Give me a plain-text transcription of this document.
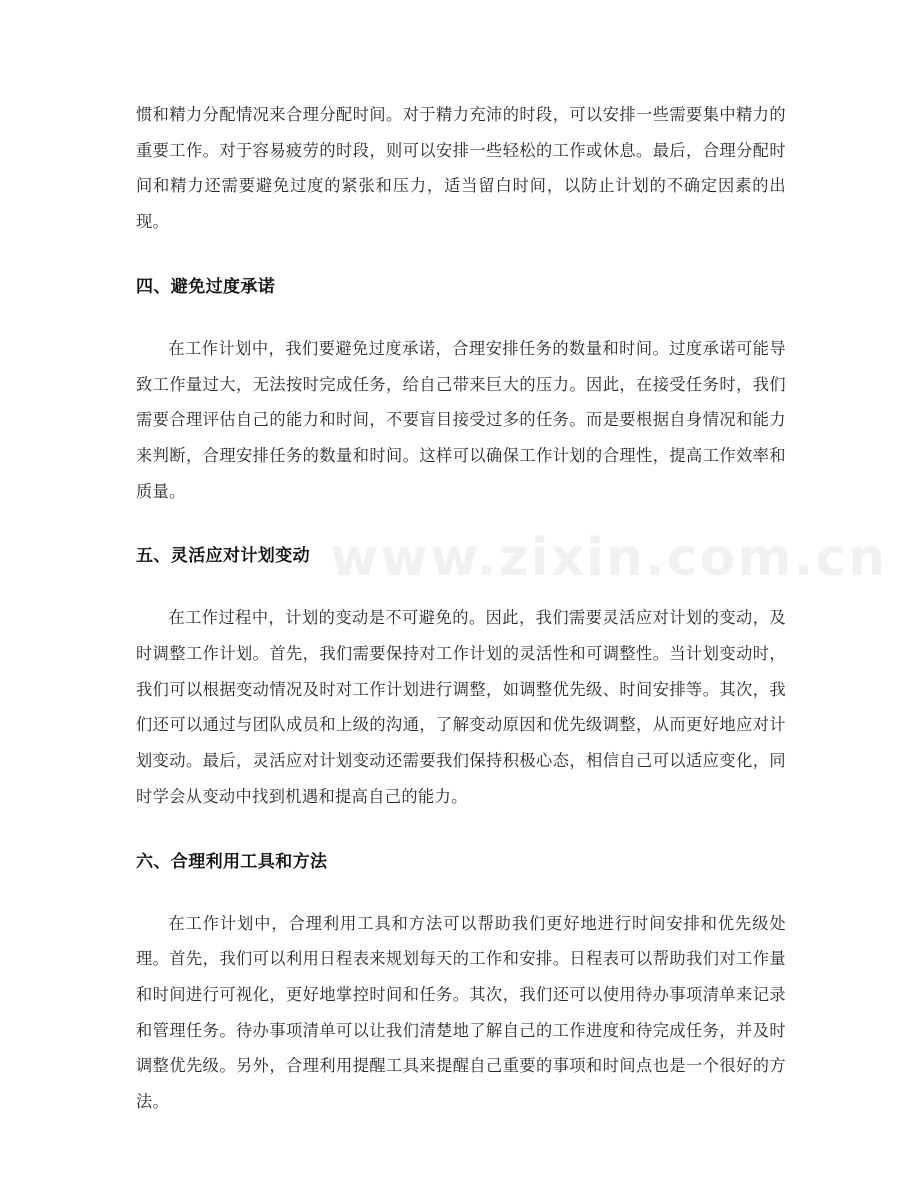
www.zixin.com.cn

惯和精力分配情况来合理分配时间。对于精力充沛的时段，可以安排一些需要集中精力的重要工作。对于容易疲劳的时段，则可以安排一些轻松的工作或休息。最后，合理分配时间和精力还需要避免过度的紧张和压力，适当留白时间，以防止计划的不确定因素的出现。

四、避免过度承诺

在工作计划中，我们要避免过度承诺，合理安排任务的数量和时间。过度承诺可能导致工作量过大，无法按时完成任务，给自己带来巨大的压力。因此，在接受任务时，我们需要合理评估自己的能力和时间，不要盲目接受过多的任务。而是要根据自身情况和能力来判断，合理安排任务的数量和时间。这样可以确保工作计划的合理性，提高工作效率和质量。

五、灵活应对计划变动

在工作过程中，计划的变动是不可避免的。因此，我们需要灵活应对计划的变动，及时调整工作计划。首先，我们需要保持对工作计划的灵活性和可调整性。当计划变动时，我们可以根据变动情况及时对工作计划进行调整，如调整优先级、时间安排等。其次，我们还可以通过与团队成员和上级的沟通，了解变动原因和优先级调整，从而更好地应对计划变动。最后，灵活应对计划变动还需要我们保持积极心态，相信自己可以适应变化，同时学会从变动中找到机遇和提高自己的能力。

六、合理利用工具和方法

在工作计划中，合理利用工具和方法可以帮助我们更好地进行时间安排和优先级处理。首先，我们可以利用日程表来规划每天的工作和安排。日程表可以帮助我们对工作量和时间进行可视化，更好地掌控时间和任务。其次，我们还可以使用待办事项清单来记录和管理任务。待办事项清单可以让我们清楚地了解自己的工作进度和待完成任务，并及时调整优先级。另外，合理利用提醒工具来提醒自己重要的事项和时间点也是一个很好的方法。
